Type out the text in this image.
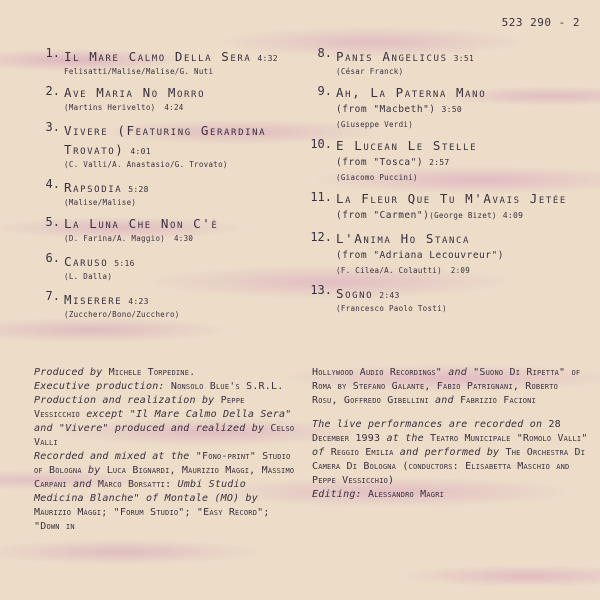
523 290 - 2
1. Il Mare Calmo Della Sera 4:32
Felisatti/Malise/Malise/G. Nuti
2. Ave Maria No Morro
(Martins Herivelto) 4:24
3. Vivere (Featuring Gerardina Trovato) 4:01
(C. Valli/A. Anastasio/G. Trovato)
4. Rapsodia 5:28
(Malise/Malise)
5. La Luna Che Non C'è
(D. Farina/A. Maggio) 4:30
6. Caruso 5:16
(L. Dalla)
7. Miserere 4:23
(Zucchero/Bono/Zucchero)
8. Panis Angelicus 3:51
(César Franck)
9. Ah, La Paterna Mano
(from "Macbeth") 3:50
(Giuseppe Verdi)
10. E Lucean Le Stelle
(from "Tosca") 2:57
(Giacomo Puccini)
11. La Fleur Que Tu M'Avais Jetée
(from "Carmen")(George Bizet) 4:09
12. L'Anima Ho Stanca
(from "Adriana Lecouvreur")
(F. Cilea/A. Colautti) 2:09
13. Sogno 2:43
(Francesco Paolo Tosti)

Produced by Michele Torpedine.
Executive production: Nonsolo Blue's S.R.L.
Production and realization by Peppe Vessicchio except "Il Mare Calmo Della Sera" and "Vivere" produced and realized by Celso Valli
Recorded and mixed at the "Fono-print" Studio of Bologna by Luca Bignardi, Maurizio Maggi, Massimo Carpani and Marco Borsatti: Umbi Studio Medicina Blanche" of Montale (MO) by Maurizio Maggi; "Forum Studio"; "Easy Record"; "Down in

Hollywood Audio Recordings" and "Suono Di Ripetta" of Roma by Stefano Galante, Fabio Patrignani, Roberto Rosu, Goffredo Gibellini and Fabrizio Facioni

The live performances are recorded on 28 December 1993 at the Teatro Municipale "Romolo Valli" of Reggio Emilia and performed by The Orchestra Di Camera Di Bologna (conductors: Elisabetta Maschio and Peppe Vessicchio)
Editing: Alessandro Magri
